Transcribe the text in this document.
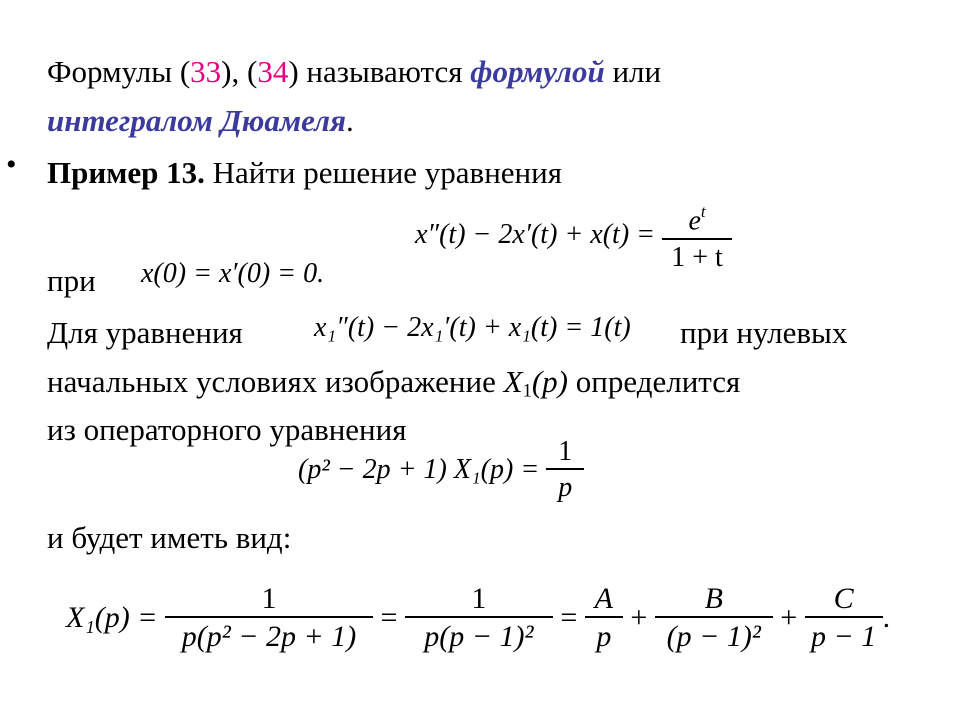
Формулы (33), (34) называются формулой или
интегралом Дюамеля.
• Пример 13. Найти решение уравнения
$x''(t) - 2x'(t) + x(t) = \frac{e^t}{1 + t}$
при x(0) = x′(0) = 0.
Для уравнения	x₁″(t) − 2x₁′(t) + x₁(t) = 1(t) при нулевых
начальных условиях изображение $X_1(p)$ определится
из операторного уравнения
(p² − 2p + 1) $X_1(p) = \frac{1}{p}$
и будет иметь вид:
$X_1(p) = \frac{1}{\text{p(p² − 2p + 1)}} = \frac{1}{\text{p(p − 1)²}} = \frac{A}{p} + \frac{B}{\text{(p − 1)²}} + \frac{C}{p - 1}$ .
